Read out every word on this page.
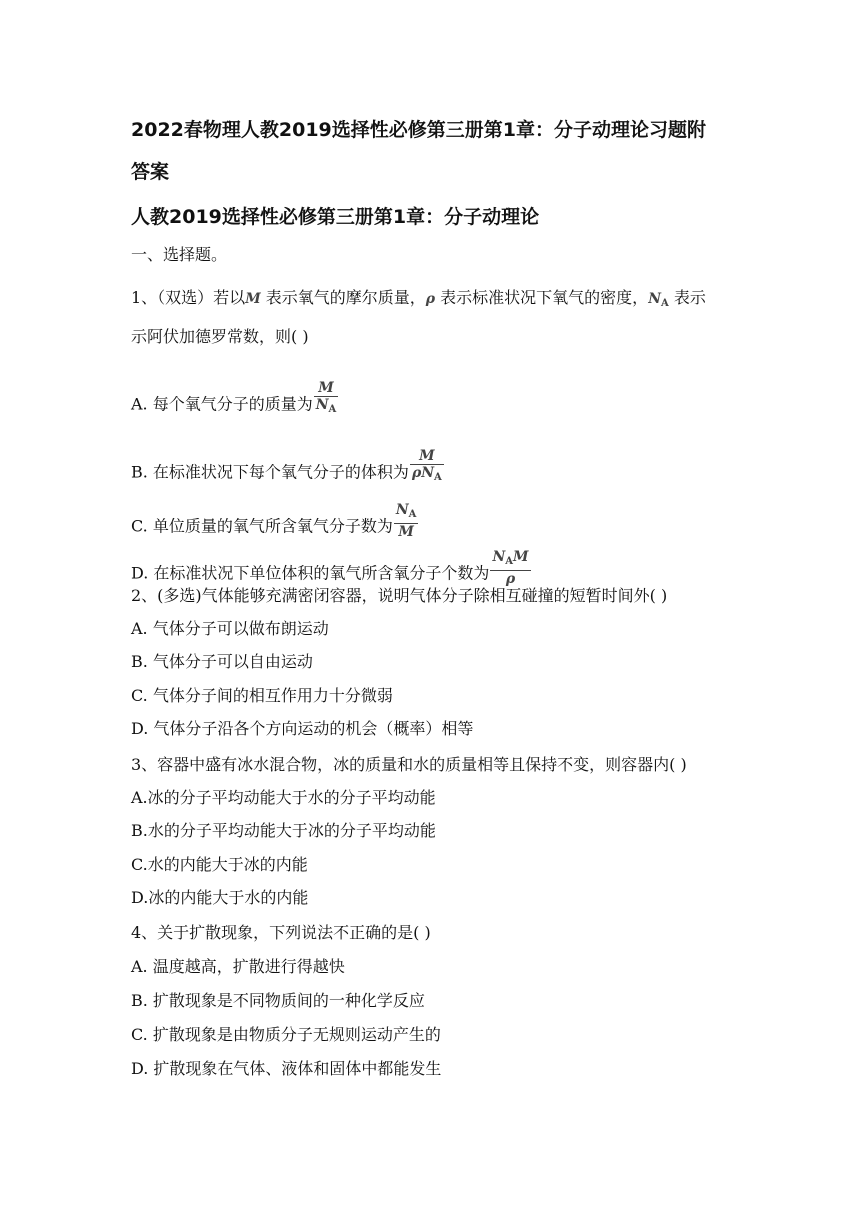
2022春物理人教2019选择性必修第三册第1章：分子动理论习题附
答案
人教2019选择性必修第三册第1章：分子动理论
一、选择题。
1、（双选）若以M 表示氧气的摩尔质量，ρ 表示标准状况下氧气的密度，$N_A$ 表示
示阿伏加德罗常数，则( )
A. 每个氧气分子的质量为 $\frac{M}{N_A}$
B. 在标准状况下每个氧气分子的体积为 $\frac{M}{\rho N_A}$
C. 单位质量的氧气所含氧气分子数为 $\frac{N_A}{M}$
D. 在标准状况下单位体积的氧气所含氧分子个数为 $\frac{N_AM}{\rho}$
2、(多选)气体能够充满密闭容器，说明气体分子除相互碰撞的短暂时间外( )
A. 气体分子可以做布朗运动
B. 气体分子可以自由运动
C. 气体分子间的相互作用力十分微弱
D. 气体分子沿各个方向运动的机会（概率）相等
3、容器中盛有冰水混合物，冰的质量和水的质量相等且保持不变，则容器内( )
A.冰的分子平均动能大于水的分子平均动能
B.水的分子平均动能大于冰的分子平均动能
C.水的内能大于冰的内能
D.冰的内能大于水的内能
4、关于扩散现象，下列说法不正确的是( )
A. 温度越高，扩散进行得越快
B. 扩散现象是不同物质间的一种化学反应
C. 扩散现象是由物质分子无规则运动产生的
D. 扩散现象在气体、液体和固体中都能发生
